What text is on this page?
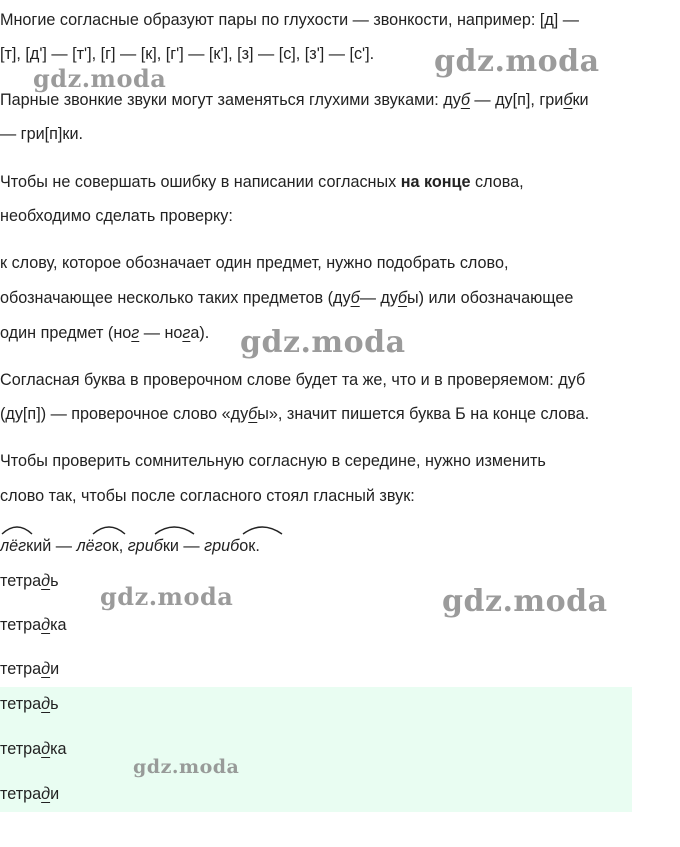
Многие согласные образуют пары по глухости — звонкости, например: [д] —
[т], [д'] — [т'], [г] — [к], [г'] — [к'], [з] — [с], [з'] — [с'].
Парные звонкие звуки могут заменяться глухими звуками: дуб — ду[п], грибки
— гри[п]ки.
Чтобы не совершать ошибку в написании согласных на конце слова,
необходимо сделать проверку:
к слову, которое обозначает один предмет, нужно подобрать слово,
обозначающее несколько таких предметов (дуб— дубы) или обозначающее
один предмет (ног — нога).
Согласная буква в проверочном слове будет та же, что и в проверяемом: дуб
(ду[п]) — проверочное слово «дубы», значит пишется буква Б на конце слова.
Чтобы проверить сомнительную согласную в середине, нужно изменить
слово так, чтобы после согласного стоял гласный звук:
лёгкий — лёгок, грибки — грибок.
тетрадь
тетрадка
тетради
тетрадь
тетрадка
тетради
gdz.moda
gdz.moda
gdz.moda
gdz.moda	gdz.moda
gdz.moda
